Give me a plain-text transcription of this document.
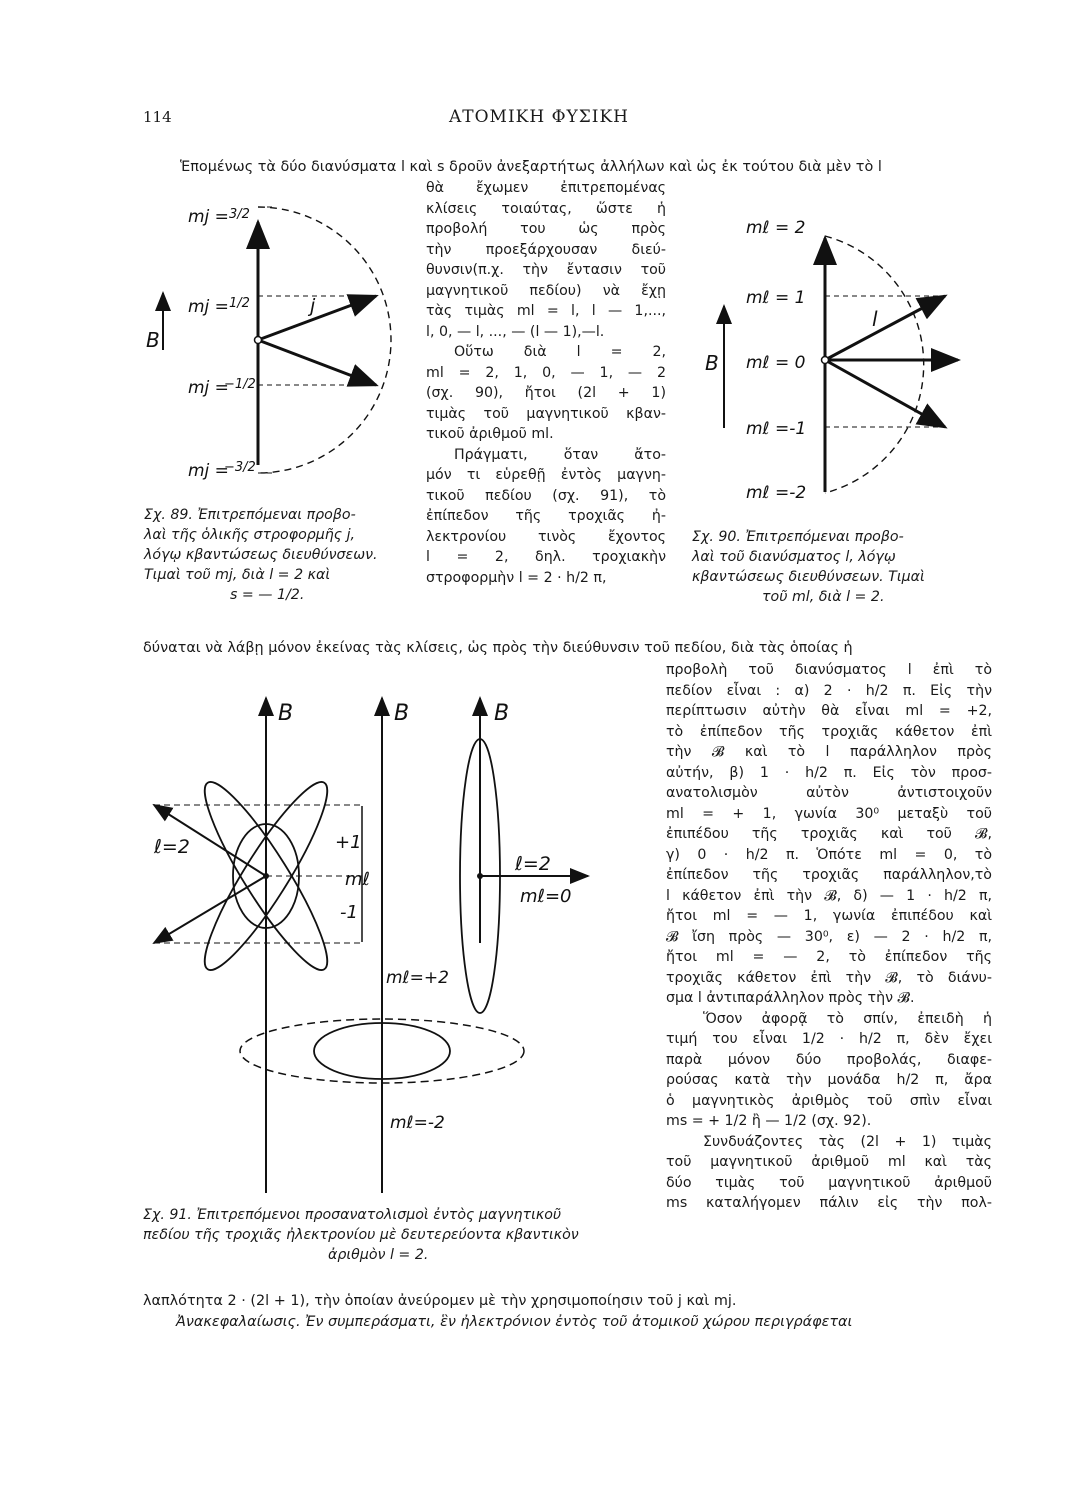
114	ΑΤΟΜΙΚΗ ΦΥΣΙΚΗ
Ἑπομένως τὰ δύο διανύσματα l καὶ s δροῦν ἀνεξαρτήτως ἀλλήλων καὶ ὡς ἐκ τούτου διὰ μὲν τὸ l
B
j
mj = 3/2
mj = 1/2
mj =
−1/2
mj =
−3/2
Σχ. 89. Ἐπιτρεπόμεναι προβο-
λαὶ τῆς ὁλικῆς στροφορμῆς j,
λόγῳ κβαντώσεως διευθύνσεων.
Τιμαὶ τοῦ mj, διὰ l = 2 καὶ
s = — 1/2.
θὰ ἔχωμεν ἐπιτρεπομένας
κλίσεις τοιαύτας, ὥστε ἡ
προβολή του ὡς πρὸς
τὴν προεξάρχουσαν διεύ-
θυνσιν(π.χ. τὴν ἔντασιν τοῦ
μαγνητικοῦ πεδίου) νὰ ἔχῃ
τὰς τιμὰς ml = l, l — 1,...,
l, 0, — l, ..., — (l — 1),—l.
Οὕτω διὰ l = 2,
ml = 2, 1, 0, — 1, — 2
(σχ. 90), ἤτοι (2l + 1)
τιμὰς τοῦ μαγνητικοῦ κβαν-
τικοῦ ἀριθμοῦ ml.
Πράγματι, ὅταν ἄτο-
μόν τι εὑρεθῇ ἐντὸς μαγνη-
τικοῦ πεδίου (σχ. 91), τὸ
ἐπίπεδον τῆς τροχιᾶς ἠ-
λεκτρονίου τινὸς ἔχοντος
l = 2, δηλ. τροχιακὴν
στροφορμὴν l = 2 · h/2 π,
B
l
mℓ = 2
mℓ = 1
mℓ = 0
mℓ =-1
mℓ =-2
Σχ. 90. Ἐπιτρεπόμεναι προβο-
λαὶ τοῦ διανύσματος l, λόγῳ
κβαντώσεως διευθύνσεων. Τιμαὶ
τοῦ ml, διὰ l = 2.
δύναται νὰ λάβῃ μόνον ἐκείνας τὰς κλίσεις, ὡς πρὸς τὴν διεύθυνσιν τοῦ πεδίου, διὰ τὰς ὁποίας ἡ
B	B	B
ℓ=2	+1
mℓ
-1
ℓ=2
mℓ=0
mℓ=+2
mℓ=-2
Σχ. 91. Ἐπιτρεπόμενοι προσανατολισμοὶ ἐντὸς μαγνητικοῦ
πεδίου τῆς τροχιᾶς ἠλεκτρονίου μὲ δευτερεύοντα κβαντικὸν
ἀριθμὸν l = 2.
προβολὴ τοῦ διανύσματος l ἐπὶ τὸ
πεδίον εἶναι : α) 2 · h/2 π. Εἰς τὴν
περίπτωσιν αὐτὴν θὰ εἶναι ml = +2,
τὸ ἐπίπεδον τῆς τροχιᾶς κάθετον ἐπὶ
τὴν 𝓑 καὶ τὸ l παράλληλον πρὸς
αὐτήν, β) 1 · h/2 π. Εἰς τὸν προσ-
ανατολισμὸν αὐτὸν ἀντιστοιχοῦν
ml = + 1, γωνία 30⁰ μεταξὺ τοῦ
ἐπιπέδου τῆς τροχιᾶς καὶ τοῦ 𝓑,
γ) 0 · h/2 π. Ὁπότε ml = 0, τὸ
ἐπίπεδον τῆς τροχιᾶς παράλληλον,τὸ
l κάθετον ἐπὶ τὴν 𝓑, δ) — 1 · h/2 π,
ἤτοι ml = — 1, γωνία ἐπιπέδου καὶ
𝓑 ἴση πρὸς — 30⁰, ε) — 2 · h/2 π,
ἤτοι ml = — 2, τὸ ἐπίπεδον τῆς
τροχιᾶς κάθετον ἐπὶ τὴν 𝓑, τὸ διάνυ-
σμα l ἀντιπαράλληλον πρὸς τὴν 𝓑.
Ὅσον ἀφορᾷ τὸ σπίν, ἐπειδὴ ἡ
τιμή του εἶναι 1/2 · h/2 π, δὲν ἔχει
παρὰ μόνον δύο προβολάς, διαφε-
ρούσας κατὰ τὴν μονάδα h/2 π, ἄρα
ὁ μαγνητικὸς ἀριθμὸς τοῦ σπὶν εἶναι
ms = + 1/2 ἢ — 1/2 (σχ. 92).
Συνδυάζοντες τὰς (2l + 1) τιμὰς
τοῦ μαγνητικοῦ ἀριθμοῦ ml καὶ τὰς
δύο τιμὰς τοῦ μαγνητικοῦ ἀριθμοῦ
ms καταλήγομεν πάλιν εἰς τὴν πολ-
λαπλότητα 2 · (2l + 1), τὴν ὁποίαν ἀνεύρομεν μὲ τὴν χρησιμοποίησιν τοῦ j καὶ mj.
Ἀνακεφαλαίωσις. Ἐν συμπεράσματι, ἓν ἠλεκτρόνιον ἐντὸς τοῦ ἀτομικοῦ χώρου περιγράφεται
